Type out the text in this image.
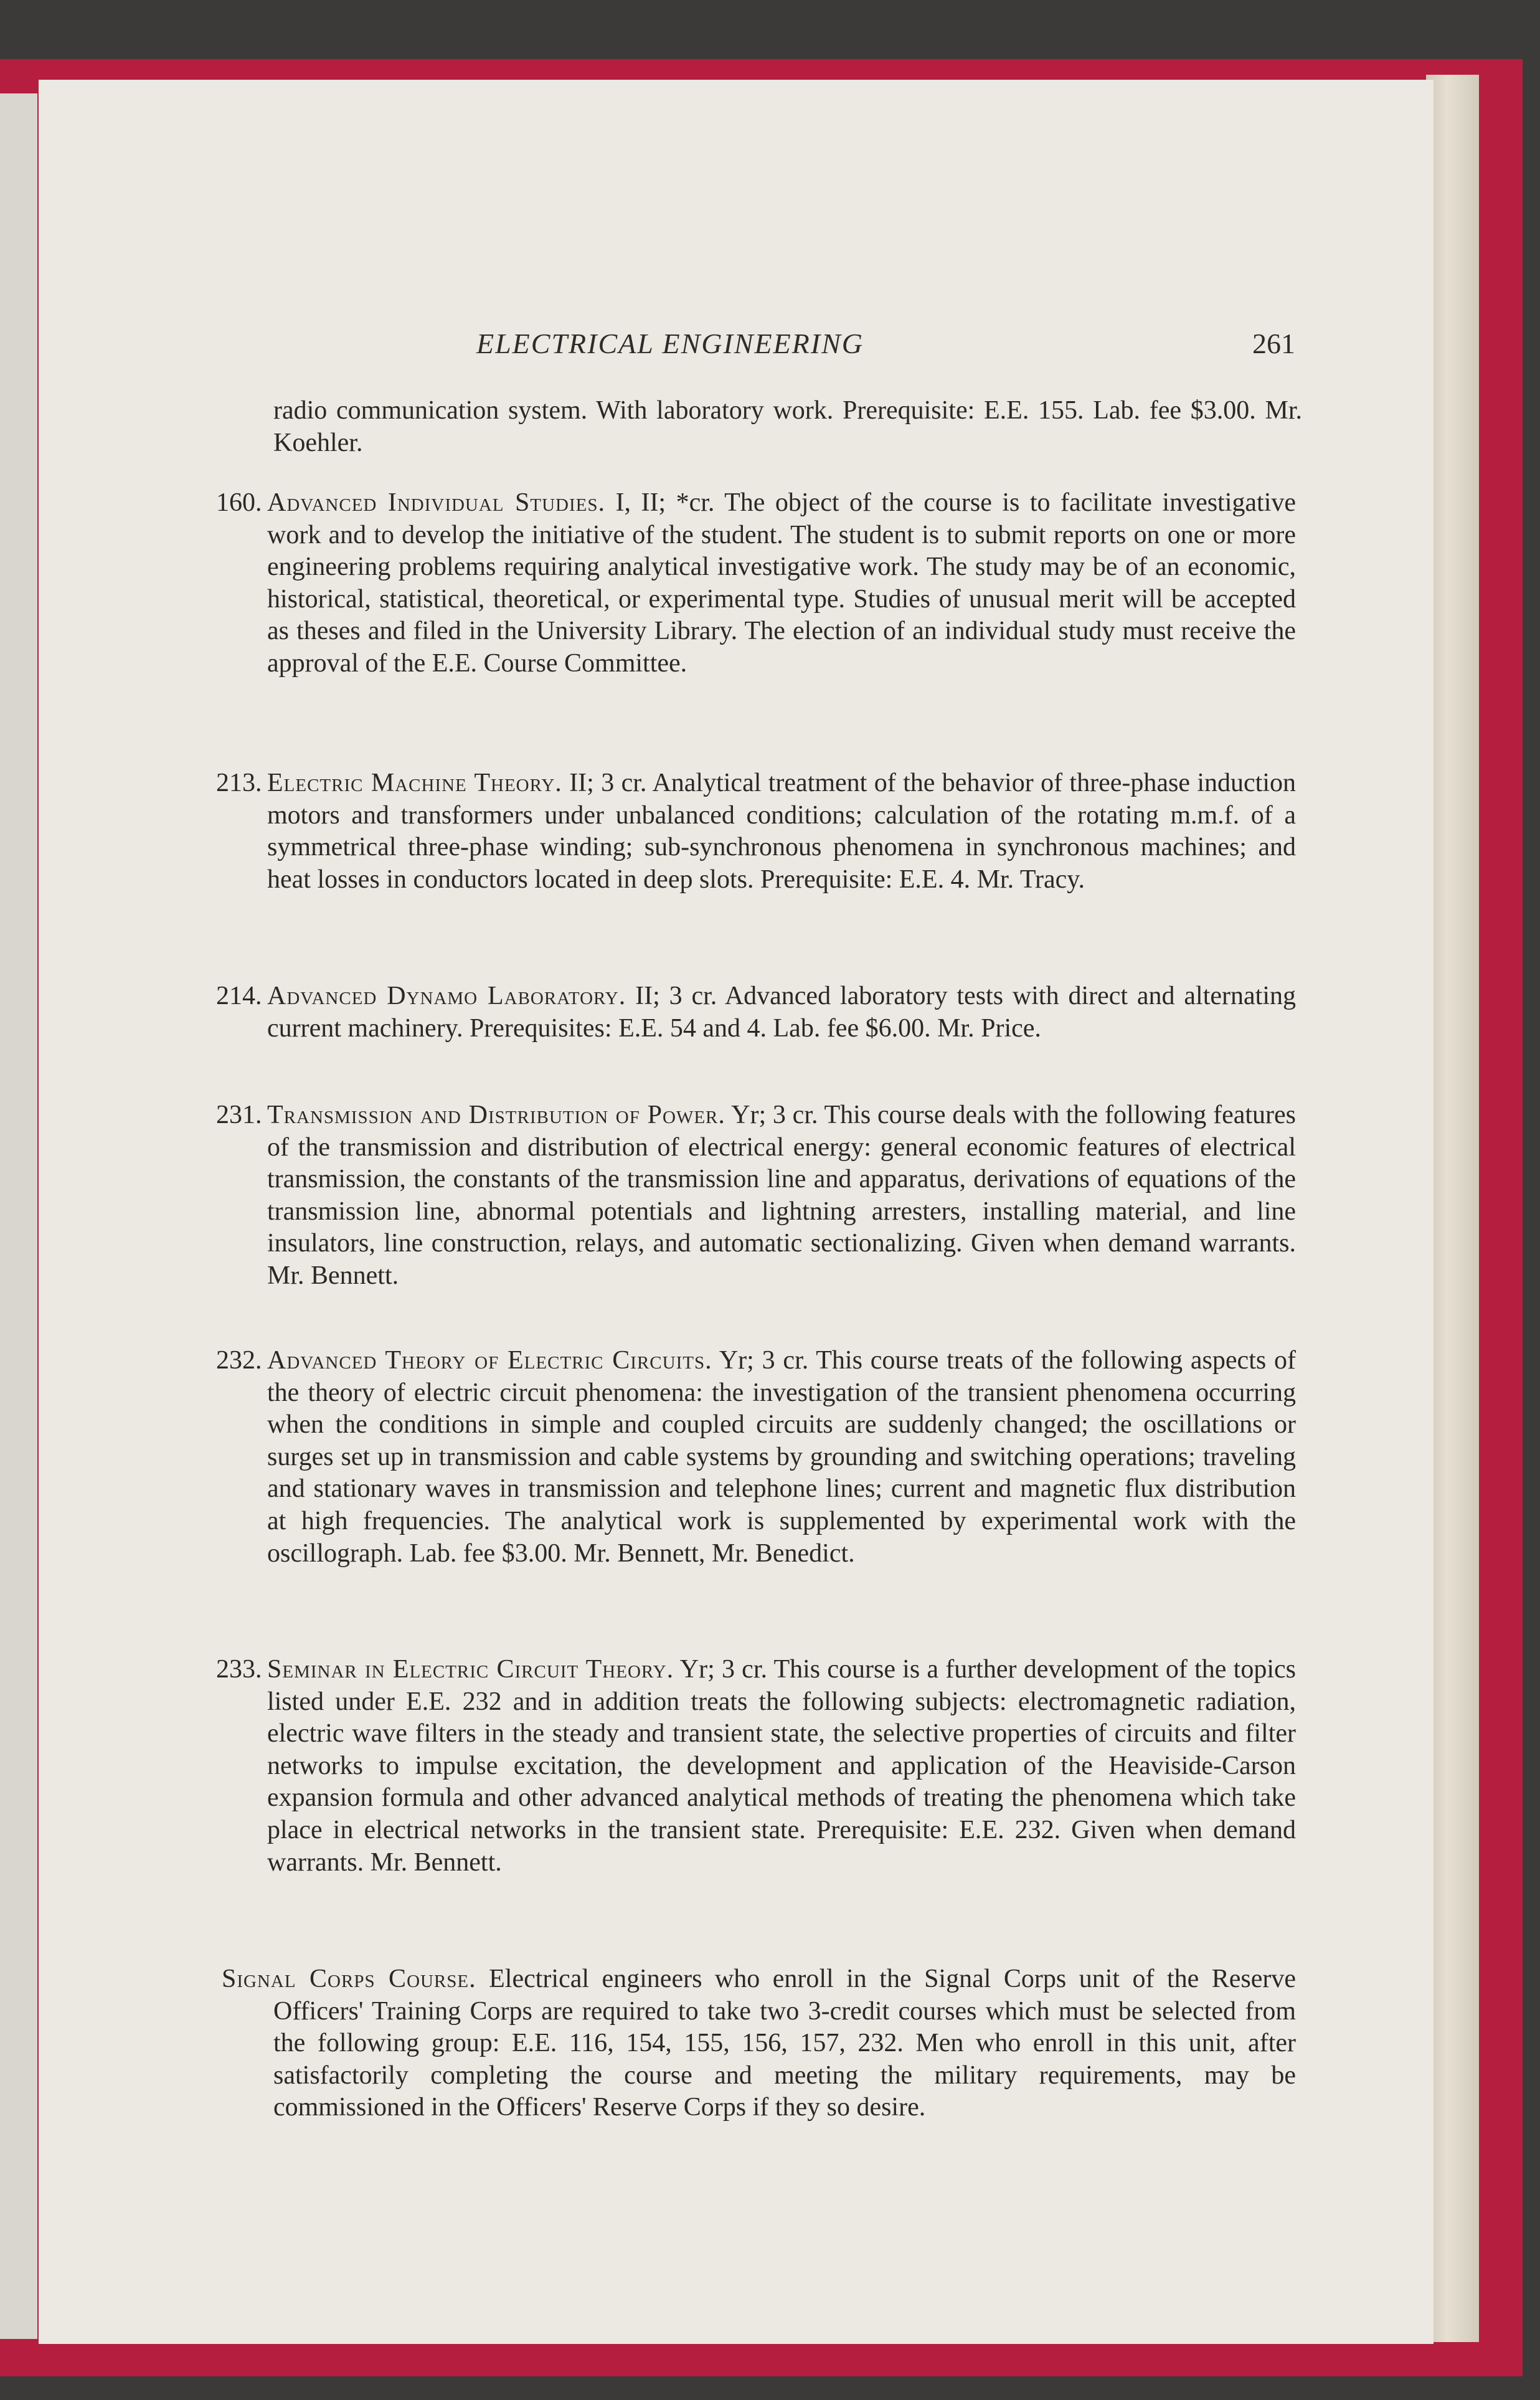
ELECTRICAL ENGINEERING	261
radio communication system. With laboratory work. Prerequisite: E.E. 155. Lab. fee $3.00. Mr. Koehler.
160. Advanced Individual Studies. I, II; *cr. The object of the course is to facilitate investigative work and to develop the initiative of the student. The student is to submit reports on one or more engineering problems requiring analytical investigative work. The study may be of an economic, historical, statistical, theoretical, or experimental type. Studies of unusual merit will be accepted as theses and filed in the University Library. The election of an individual study must receive the approval of the E.E. Course Committee.
213. Electric Machine Theory. II; 3 cr. Analytical treatment of the behavior of three-phase induction motors and transformers under unbalanced conditions; calculation of the rotating m.m.f. of a symmetrical three-phase winding; sub-synchronous phenomena in synchronous machines; and heat losses in conductors located in deep slots. Prerequisite: E.E. 4. Mr. Tracy.
214. Advanced Dynamo Laboratory. II; 3 cr. Advanced laboratory tests with direct and alternating current machinery. Prerequisites: E.E. 54 and 4. Lab. fee $6.00. Mr. Price.
231. Transmission and Distribution of Power. Yr; 3 cr. This course deals with the following features of the transmission and distribution of electrical energy: general economic features of electrical transmission, the constants of the transmission line and apparatus, derivations of equations of the transmission line, abnormal potentials and lightning arresters, installing material, and line insulators, line construction, relays, and automatic sectionalizing. Given when demand warrants. Mr. Bennett.
232. Advanced Theory of Electric Circuits. Yr; 3 cr. This course treats of the following aspects of the theory of electric circuit phenomena: the investigation of the transient phenomena occurring when the conditions in simple and coupled circuits are suddenly changed; the oscillations or surges set up in transmission and cable systems by grounding and switching operations; traveling and stationary waves in transmission and telephone lines; current and magnetic flux distribution at high frequencies. The analytical work is supplemented by experimental work with the oscillograph. Lab. fee $3.00. Mr. Bennett, Mr. Benedict.
233. Seminar in Electric Circuit Theory. Yr; 3 cr. This course is a further development of the topics listed under E.E. 232 and in addition treats the following subjects: electromagnetic radiation, electric wave filters in the steady and transient state, the selective properties of circuits and filter networks to impulse excitation, the development and application of the Heaviside-Carson expansion formula and other advanced analytical methods of treating the phenomena which take place in electrical networks in the transient state. Prerequisite: E.E. 232. Given when demand warrants. Mr. Bennett.
Signal Corps Course. Electrical engineers who enroll in the Signal Corps unit of the Reserve Officers' Training Corps are required to take two 3-credit courses which must be selected from the following group: E.E. 116, 154, 155, 156, 157, 232. Men who enroll in this unit, after satisfactorily completing the course and meeting the military requirements, may be commissioned in the Officers' Reserve Corps if they so desire.
